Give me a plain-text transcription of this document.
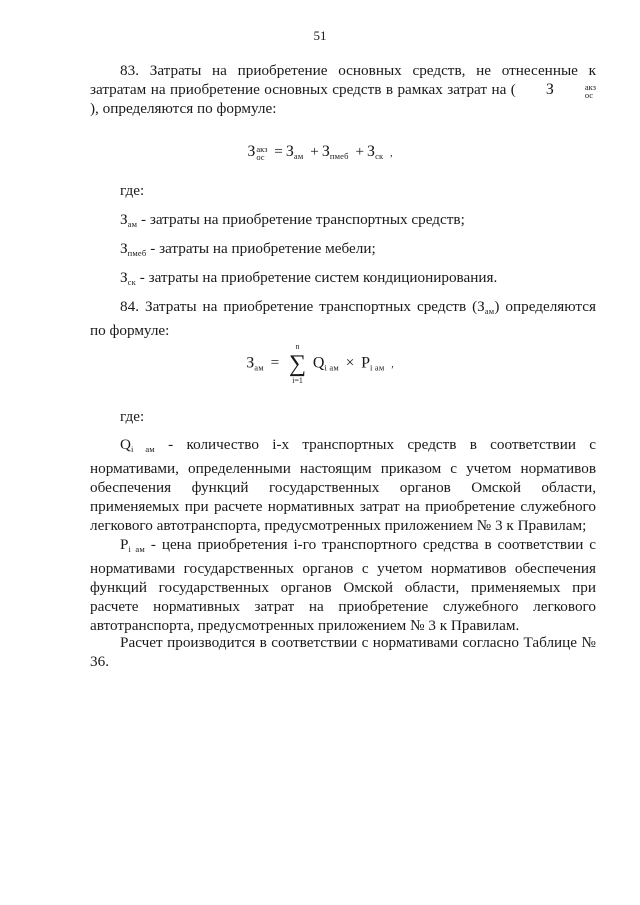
51

83. Затраты на приобретение основных средств, не отнесенные к затратам на приобретение основных средств в рамках затрат на ( З	акз
ос
), определяются по формуле:

З акз
ос = $З_{ам} + З_{пмеб} + З_{ск}$ ,

где:

$З_{ам}$ - затраты на приобретение транспортных средств;

$З_{пмеб}$ - затраты на приобретение мебели;

$З_{ск}$ - затраты на приобретение систем кондиционирования.

84. Затраты на приобретение транспортных средств $(З_{ам})$ определяются по формуле:

$З_{ам}$ =
n
∑
i=1
$Q_{i ам} \times P_{i ам}$ ,

где:

$Q_{i ам}$ - количество i-х транспортных средств в соответствии с нормативами, определенными настоящим приказом с учетом нормативов обеспечения функций государственных органов Омской области, применяемых при расчете нормативных затрат на приобретение служебного легкового автотранспорта, предусмотренных приложением № 3 к Правилам;

$P_{i ам}$ - цена приобретения i-го транспортного средства в соответствии с нормативами государственных органов с учетом нормативов обеспечения функций государственных органов Омской области, применяемых при расчете нормативных затрат на приобретение служебного легкового автотранспорта, предусмотренных приложением № 3 к Правилам.

Расчет производится в соответствии с нормативами согласно Таблице № 36.
